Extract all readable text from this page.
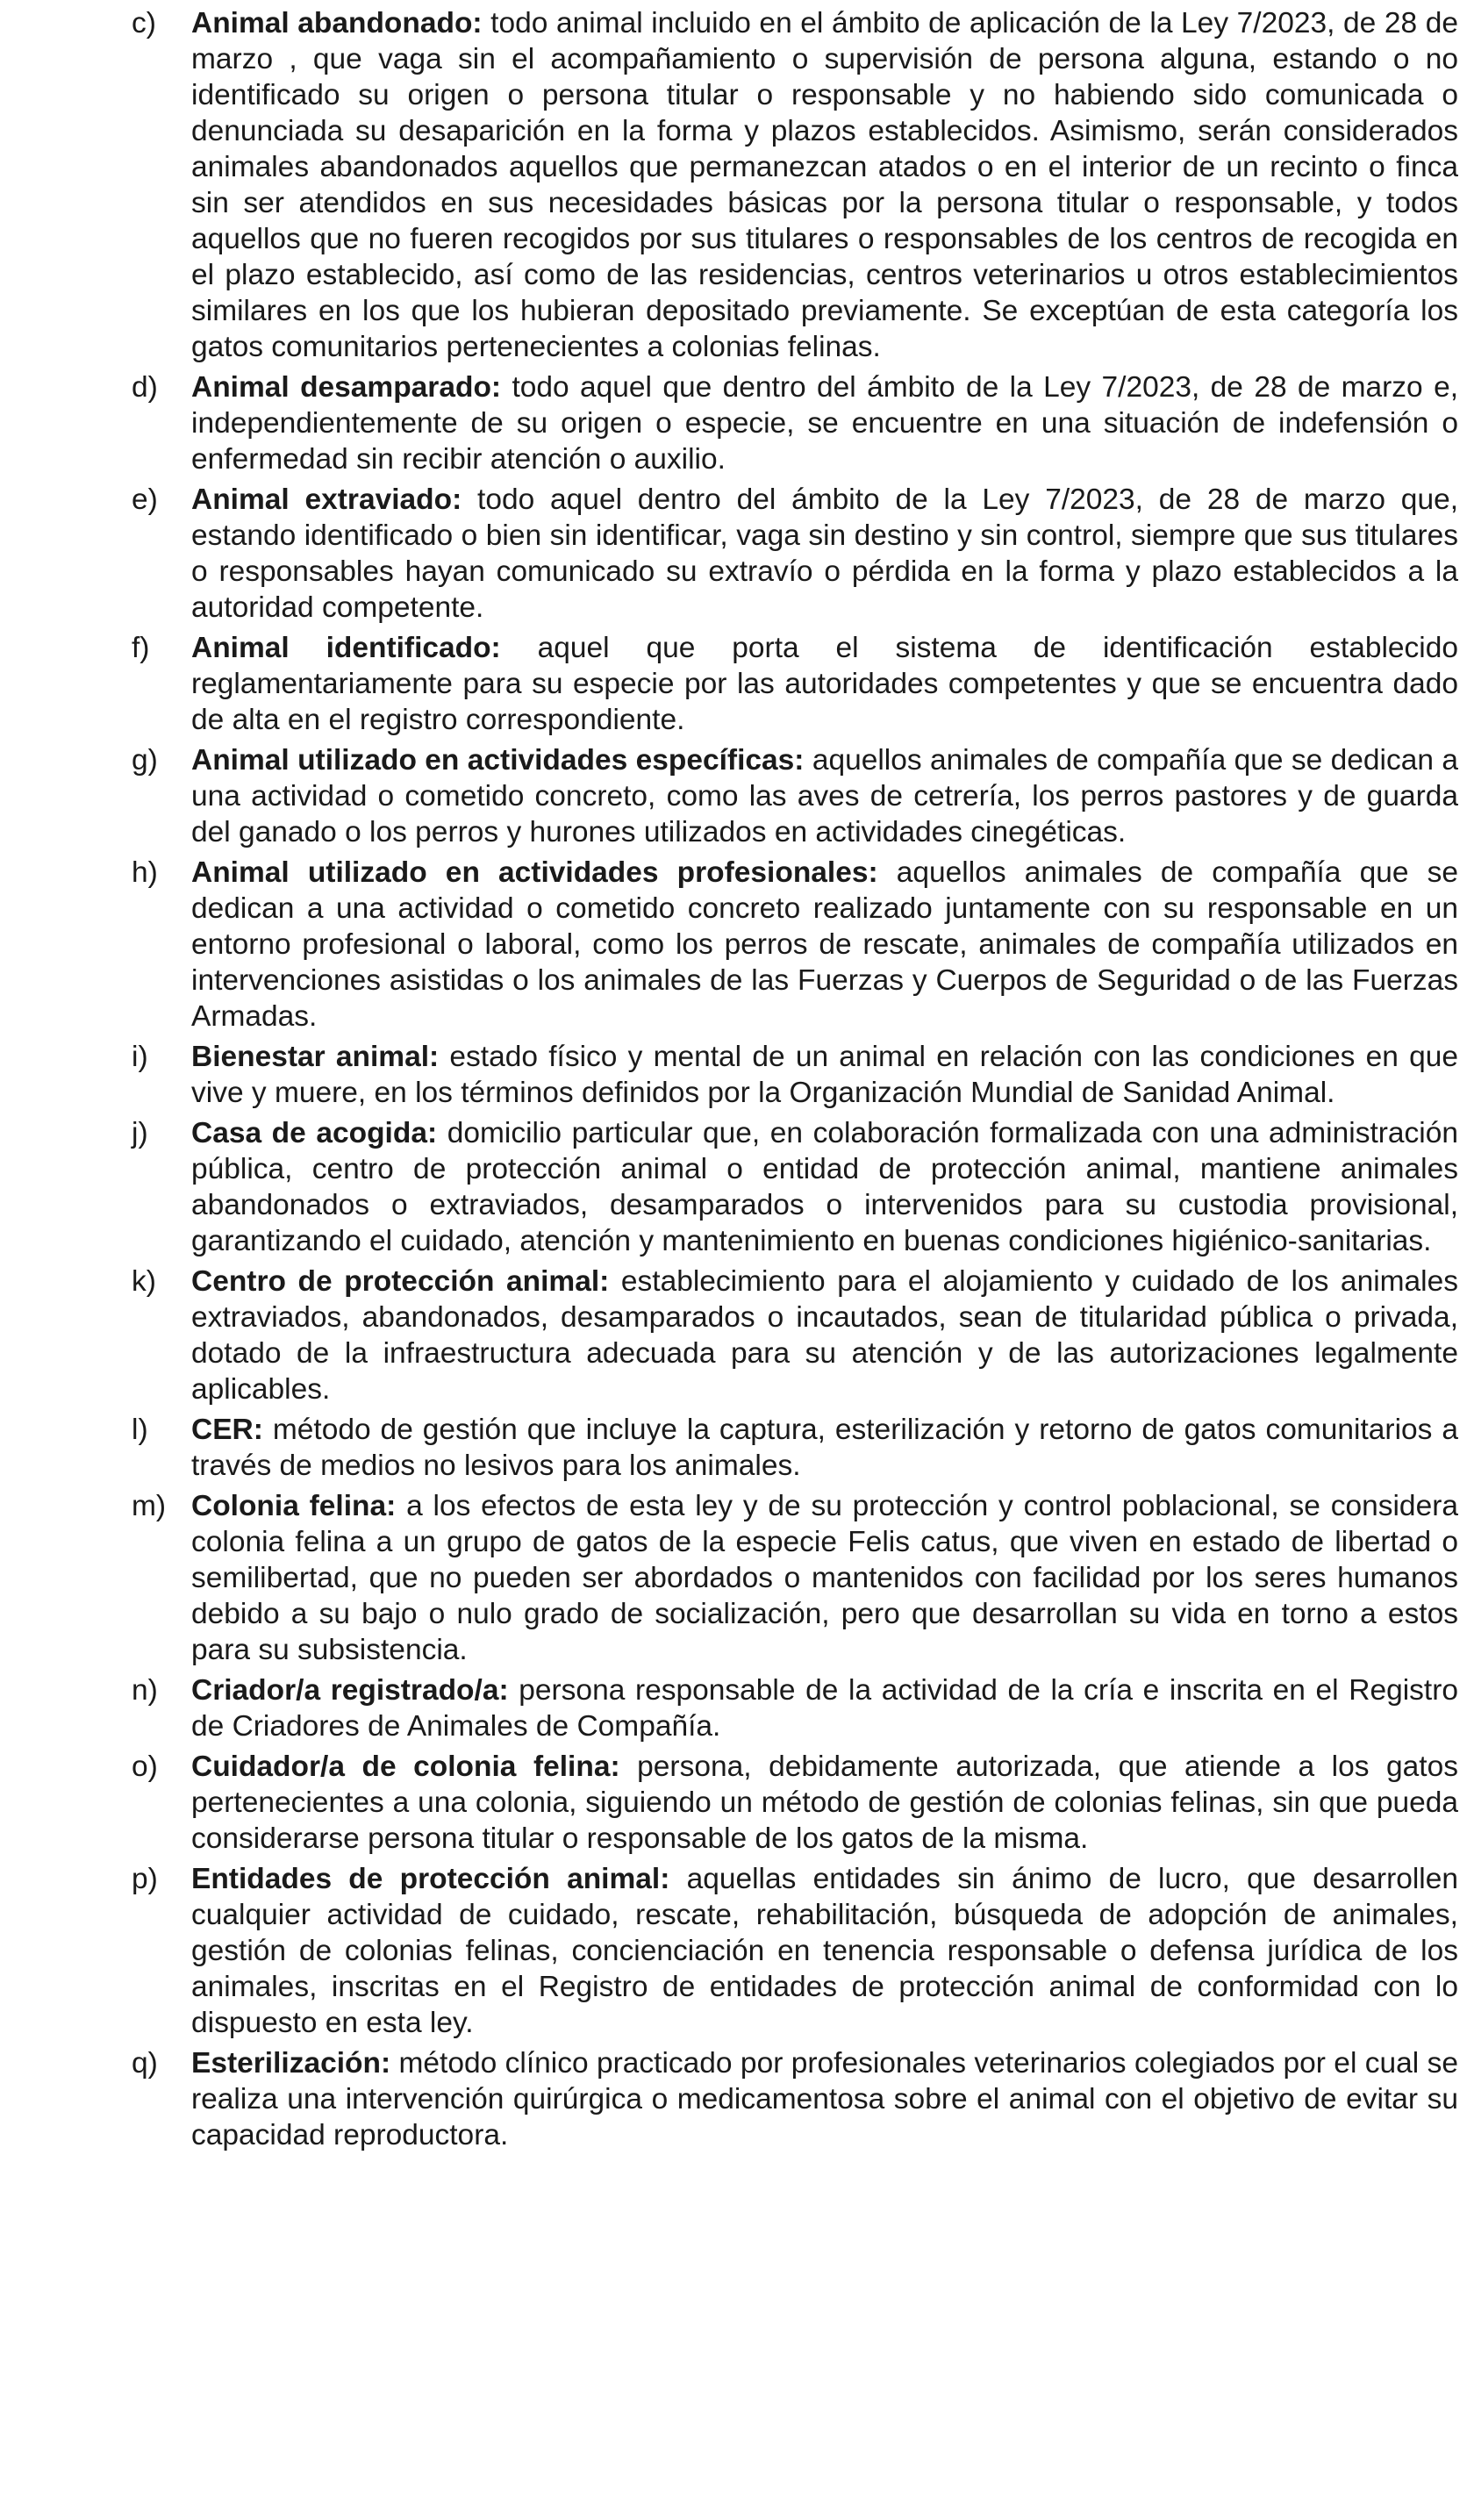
c)	Animal abandonado: todo animal incluido en el ámbito de aplicación de la Ley 7/2023, de 28 de marzo , que vaga sin el acompañamiento o supervisión de persona alguna, estando o no identificado su origen o persona titular o responsable y no habiendo sido comunicada o denunciada su desaparición en la forma y plazos establecidos. Asimismo, serán considerados animales abandonados aquellos que permanezcan atados o en el interior de un recinto o finca sin ser atendidos en sus necesidades básicas por la persona titular o responsable, y todos aquellos que no fueren recogidos por sus titulares o responsables de los centros de recogida en el plazo establecido, así como de las residencias, centros veterinarios u otros establecimientos similares en los que los hubieran depositado previamente. Se exceptúan de esta categoría los gatos comunitarios pertenecientes a colonias felinas.

d)	Animal desamparado: todo aquel que dentro del ámbito de la Ley 7/2023, de 28 de marzo e, independientemente de su origen o especie, se encuentre en una situación de indefensión o enfermedad sin recibir atención o auxilio.

e)	Animal extraviado: todo aquel dentro del ámbito de la Ley 7/2023, de 28 de marzo que, estando identificado o bien sin identificar, vaga sin destino y sin control, siempre que sus titulares o responsables hayan comunicado su extravío o pérdida en la forma y plazo establecidos a la autoridad competente.

f)	Animal identificado: aquel que porta el sistema de identificación establecido reglamentariamente para su especie por las autoridades competentes y que se encuentra dado de alta en el registro correspondiente.

g)	Animal utilizado en actividades específicas: aquellos animales de compañía que se dedican a una actividad o cometido concreto, como las aves de cetrería, los perros pastores y de guarda del ganado o los perros y hurones utilizados en actividades cinegéticas.

h)	Animal utilizado en actividades profesionales: aquellos animales de compañía que se dedican a una actividad o cometido concreto realizado juntamente con su responsable en un entorno profesional o laboral, como los perros de rescate, animales de compañía utilizados en intervenciones asistidas o los animales de las Fuerzas y Cuerpos de Seguridad o de las Fuerzas Armadas.

i)	Bienestar animal: estado físico y mental de un animal en relación con las condiciones en que vive y muere, en los términos definidos por la Organización Mundial de Sanidad Animal.

j)	Casa de acogida: domicilio particular que, en colaboración formalizada con una administración pública, centro de protección animal o entidad de protección animal, mantiene animales abandonados o extraviados, desamparados o intervenidos para su custodia provisional, garantizando el cuidado, atención y mantenimiento en buenas condiciones higiénico-sanitarias.

k)	Centro de protección animal: establecimiento para el alojamiento y cuidado de los animales extraviados, abandonados, desamparados o incautados, sean de titularidad pública o privada, dotado de la infraestructura adecuada para su atención y de las autorizaciones legalmente aplicables.

l)	CER: método de gestión que incluye la captura, esterilización y retorno de gatos comunitarios a través de medios no lesivos para los animales.

m) Colonia felina: a los efectos de esta ley y de su protección y control poblacional, se considera colonia felina a un grupo de gatos de la especie Felis catus, que viven en estado de libertad o semilibertad, que no pueden ser abordados o mantenidos con facilidad por los seres humanos debido a su bajo o nulo grado de socialización, pero que desarrollan su vida en torno a estos para su subsistencia.

n)	Criador/a registrado/a: persona responsable de la actividad de la cría e inscrita en el Registro de Criadores de Animales de Compañía.

o)	Cuidador/a de colonia felina: persona, debidamente autorizada, que atiende a los gatos pertenecientes a una colonia, siguiendo un método de gestión de colonias felinas, sin que pueda considerarse persona titular o responsable de los gatos de la misma.

p)	Entidades de protección animal: aquellas entidades sin ánimo de lucro, que desarrollen cualquier actividad de cuidado, rescate, rehabilitación, búsqueda de adopción de animales, gestión de colonias felinas, concienciación en tenencia responsable o defensa jurídica de los animales, inscritas en el Registro de entidades de protección animal de conformidad con lo dispuesto en esta ley.

q)	Esterilización: método clínico practicado por profesionales veterinarios colegiados por el cual se realiza una intervención quirúrgica o medicamentosa sobre el animal con el objetivo de evitar su capacidad reproductora.
